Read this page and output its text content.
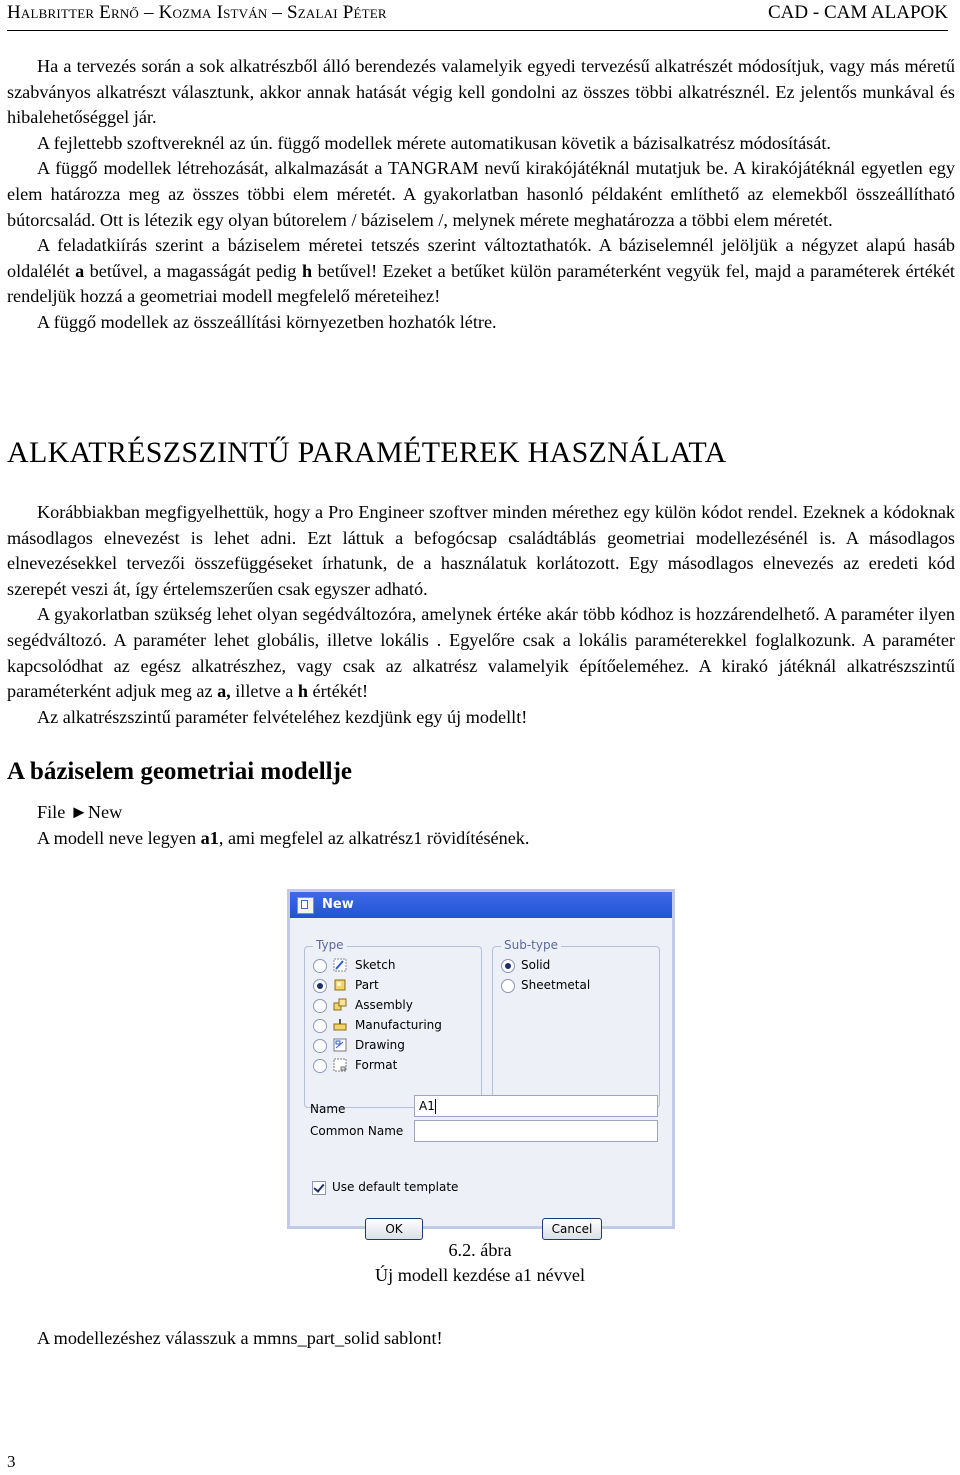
Halbritter Ernő – Kozma István – Szalai Péter	CAD - CAM ALAPOK

Ha a tervezés során a sok alkatrészből álló berendezés valamelyik egyedi tervezésű alkatrészét módosítjuk, vagy más méretű szabványos alkatrészt választunk, akkor annak hatását végig kell gondolni az összes többi alkatrésznél. Ez jelentős munkával és hibalehetőséggel jár.

A fejlettebb szoftvereknél az ún. függő modellek mérete automatikusan követik a bázisalkatrész módosítását.

A függő modellek létrehozását, alkalmazását a TANGRAM nevű kirakójátéknál mutatjuk be. A kirakójátéknál egyetlen egy elem határozza meg az összes többi elem méretét. A gyakorlatban hasonló példaként említhető az elemekből összeállítható bútorcsalád. Ott is létezik egy olyan bútorelem / báziselem /, melynek mérete meghatározza a többi elem méretét.

A feladatkiírás szerint a báziselem méretei tetszés szerint változtathatók. A báziselemnél jelöljük a négyzet alapú hasáb oldalélét a betűvel, a magasságát pedig h betűvel! Ezeket a betűket külön paraméterként vegyük fel, majd a paraméterek értékét rendeljük hozzá a geometriai modell megfelelő méreteihez!

A függő modellek az összeállítási környezetben hozhatók létre.

ALKATRÉSZSZINTŰ PARAMÉTEREK HASZNÁLATA

Korábbiakban megfigyelhettük, hogy a Pro Engineer szoftver minden mérethez egy külön kódot rendel. Ezeknek a kódoknak másodlagos elnevezést is lehet adni. Ezt láttuk a befogócsap családtáblás geometriai modellezésénél is. A másodlagos elnevezésekkel tervezői összefüggéseket írhatunk, de a használatuk korlátozott. Egy másodlagos elnevezés az eredeti kód szerepét veszi át, így értelemszerűen csak egyszer adható.

A gyakorlatban szükség lehet olyan segédváltozóra, amelynek értéke akár több kódhoz is hozzárendelhető. A paraméter ilyen segédváltozó. A paraméter lehet globális, illetve lokális . Egyelőre csak a lokális paraméterekkel foglalkozunk. A paraméter kapcsolódhat az egész alkatrészhez, vagy csak az alkatrész valamelyik építőeleméhez. A kirakó játéknál alkatrészszintű paraméterként adjuk meg az a, illetve a h értékét!

Az alkatrészszintű paraméter felvételéhez kezdjünk egy új modellt!

A báziselem geometriai modellje
File ►New
A modell neve legyen a1, ami megfelel az alkatrész1 rövidítésének.
New
Type
Sketch
Part
Assembly
Manufacturing
Drawing
Format
Sub-type
Solid
Sheetmetal
Name	A1
Common Name
Use default template
OK	Cancel
6.2. ábra
Új modell kezdése a1 névvel
A modellezéshez válasszuk a mmns_part_solid sablont!
3
